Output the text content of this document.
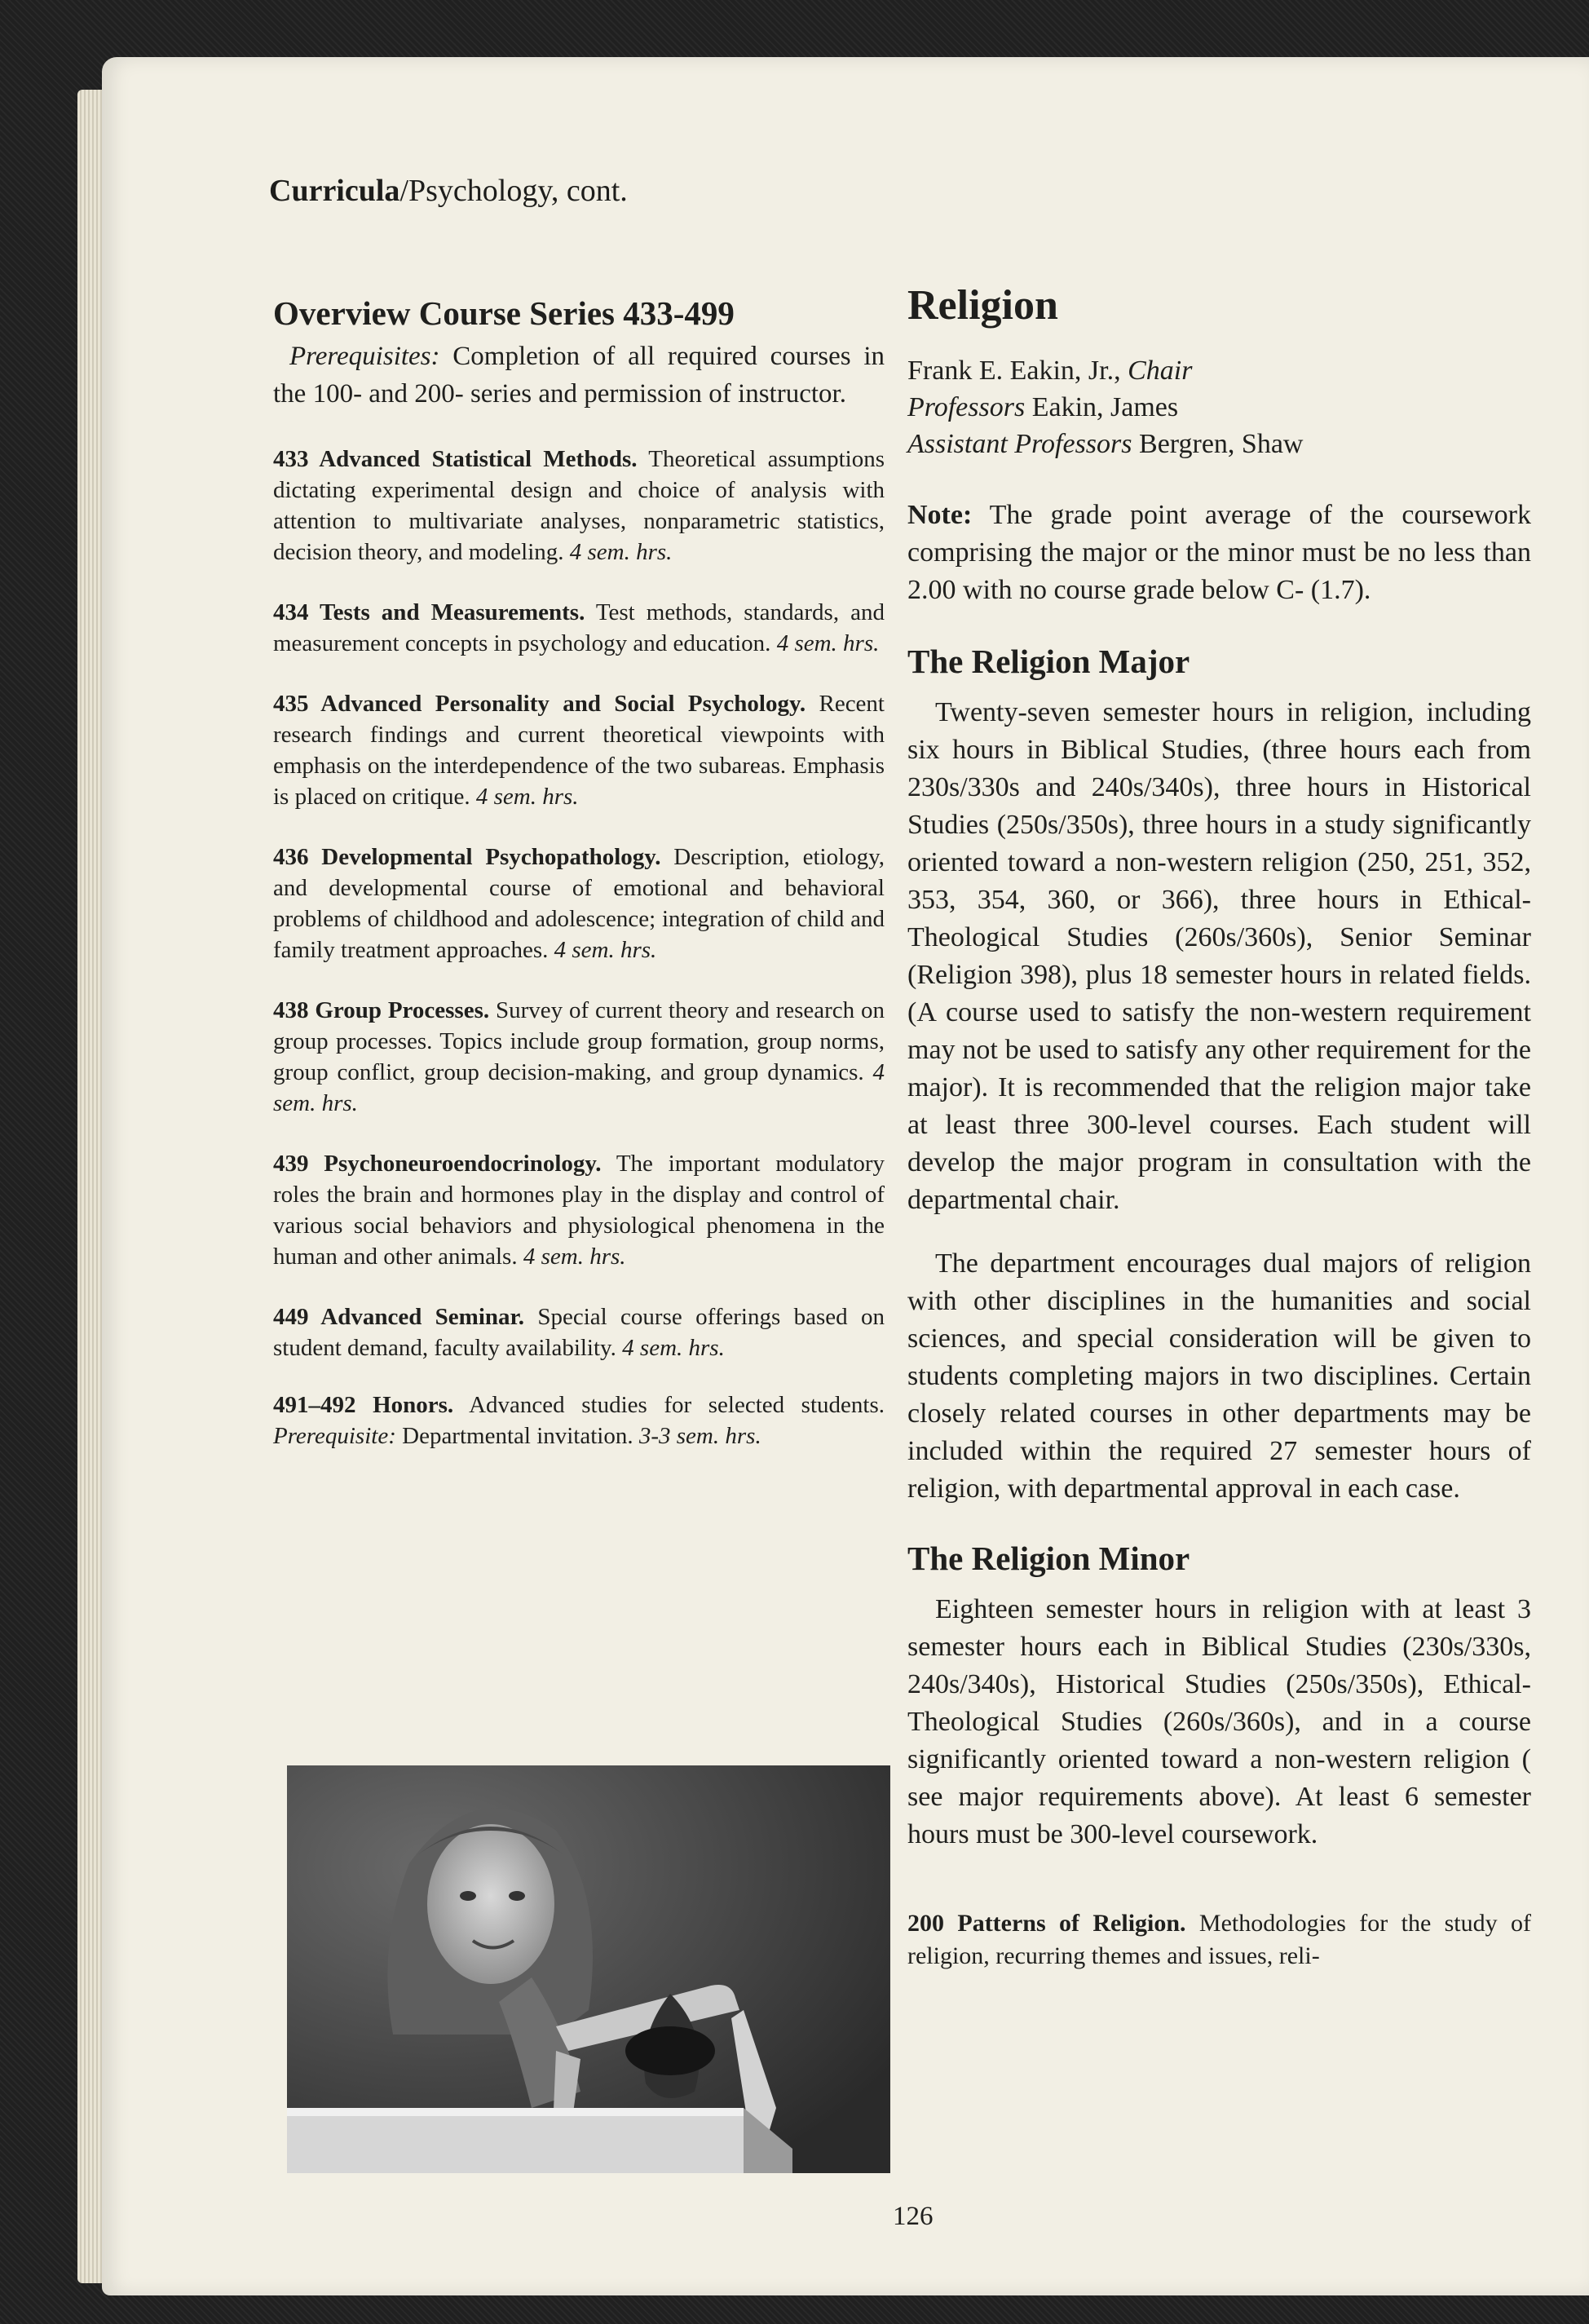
Curricula/Psychology, cont.
Overview Course Series 433-499

Prerequisites: Completion of all required courses in the 100- and 200- series and permission of instructor.

433 Advanced Statistical Methods. Theoretical assumptions dictating experimental design and choice of analysis with attention to multivariate analyses, nonparametric statistics, decision theory, and modeling. 4 sem. hrs.

434 Tests and Measurements. Test methods, standards, and measurement concepts in psychology and education. 4 sem. hrs.

435 Advanced Personality and Social Psychology. Recent research findings and current theoretical viewpoints with emphasis on the interdependence of the two subareas. Emphasis is placed on critique. 4 sem. hrs.

436 Developmental Psychopathology. Description, etiology, and developmental course of emotional and behavioral problems of childhood and adolescence; integration of child and family treatment approaches. 4 sem. hrs.

438 Group Processes. Survey of current theory and research on group processes. Topics include group formation, group norms, group conflict, group decision-making, and group dynamics. 4 sem. hrs.

439 Psychoneuroendocrinology. The important modulatory roles the brain and hormones play in the display and control of various social behaviors and physiological phenomena in the human and other animals. 4 sem. hrs.

449 Advanced Seminar. Special course offerings based on student demand, faculty availability. 4 sem. hrs.

491–492 Honors. Advanced studies for selected students. Prerequisite: Departmental invitation. 3-3 sem. hrs.

Religion

Frank E. Eakin, Jr., Chair

Professors Eakin, James

Assistant Professors Bergren, Shaw

Note: The grade point average of the coursework comprising the major or the minor must be no less than 2.00 with no course grade below C- (1.7).

The Religion Major

Twenty-seven semester hours in religion, including six hours in Biblical Studies, (three hours each from 230s/330s and 240s/340s), three hours in Historical Studies (250s/350s), three hours in a study significantly oriented toward a non-western religion (250, 251, 352, 353, 354, 360, or 366), three hours in Ethical-Theological Studies (260s/360s), Senior Seminar (Religion 398), plus 18 semester hours in related fields. (A course used to satisfy the non-western requirement may not be used to satisfy any other requirement for the major). It is recommended that the religion major take at least three 300-level courses. Each student will develop the major program in consultation with the departmental chair.

The department encourages dual majors of religion with other disciplines in the humanities and social sciences, and special consideration will be given to students completing majors in two disciplines. Certain closely related courses in other departments may be included within the required 27 semester hours of religion, with departmental approval in each case.

The Religion Minor

Eighteen semester hours in religion with at least 3 semester hours each in Biblical Studies (230s/330s, 240s/340s), Historical Studies (250s/350s), Ethical-Theological Studies (260s/360s), and in a course significantly oriented toward a non-western religion ( see major requirements above). At least 6 semester hours must be 300-level coursework.

200 Patterns of Religion. Methodologies for the study of religion, recurring themes and issues, reli-

126
